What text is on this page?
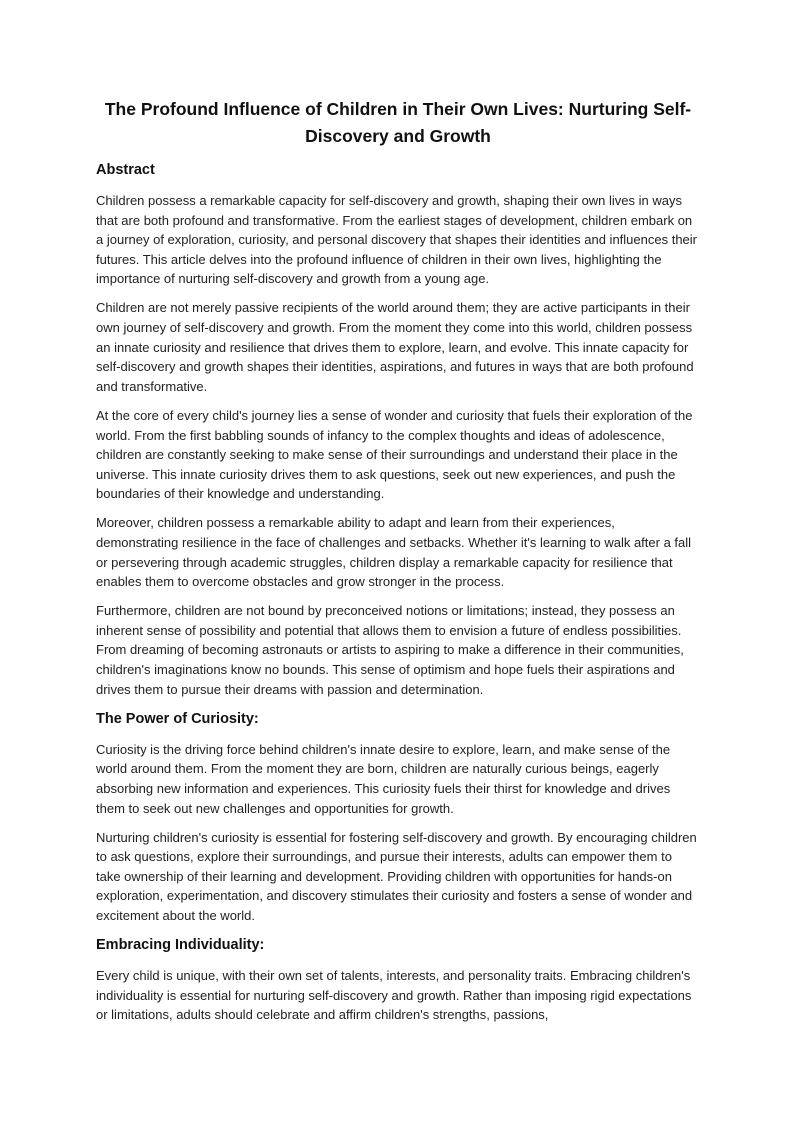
The Profound Influence of Children in Their Own Lives: Nurturing Self-Discovery and Growth
Abstract

Children possess a remarkable capacity for self-discovery and growth, shaping their own lives in ways that are both profound and transformative. From the earliest stages of development, children embark on a journey of exploration, curiosity, and personal discovery that shapes their identities and influences their futures. This article delves into the profound influence of children in their own lives, highlighting the importance of nurturing self-discovery and growth from a young age.

Children are not merely passive recipients of the world around them; they are active participants in their own journey of self-discovery and growth. From the moment they come into this world, children possess an innate curiosity and resilience that drives them to explore, learn, and evolve. This innate capacity for self-discovery and growth shapes their identities, aspirations, and futures in ways that are both profound and transformative.

At the core of every child's journey lies a sense of wonder and curiosity that fuels their exploration of the world. From the first babbling sounds of infancy to the complex thoughts and ideas of adolescence, children are constantly seeking to make sense of their surroundings and understand their place in the universe. This innate curiosity drives them to ask questions, seek out new experiences, and push the boundaries of their knowledge and understanding.

Moreover, children possess a remarkable ability to adapt and learn from their experiences, demonstrating resilience in the face of challenges and setbacks. Whether it's learning to walk after a fall or persevering through academic struggles, children display a remarkable capacity for resilience that enables them to overcome obstacles and grow stronger in the process.

Furthermore, children are not bound by preconceived notions or limitations; instead, they possess an inherent sense of possibility and potential that allows them to envision a future of endless possibilities. From dreaming of becoming astronauts or artists to aspiring to make a difference in their communities, children's imaginations know no bounds. This sense of optimism and hope fuels their aspirations and drives them to pursue their dreams with passion and determination.

The Power of Curiosity:

Curiosity is the driving force behind children's innate desire to explore, learn, and make sense of the world around them. From the moment they are born, children are naturally curious beings, eagerly absorbing new information and experiences. This curiosity fuels their thirst for knowledge and drives them to seek out new challenges and opportunities for growth.

Nurturing children's curiosity is essential for fostering self-discovery and growth. By encouraging children to ask questions, explore their surroundings, and pursue their interests, adults can empower them to take ownership of their learning and development. Providing children with opportunities for hands-on exploration, experimentation, and discovery stimulates their curiosity and fosters a sense of wonder and excitement about the world.

Embracing Individuality:

Every child is unique, with their own set of talents, interests, and personality traits. Embracing children's individuality is essential for nurturing self-discovery and growth. Rather than imposing rigid expectations or limitations, adults should celebrate and affirm children's strengths, passions,
